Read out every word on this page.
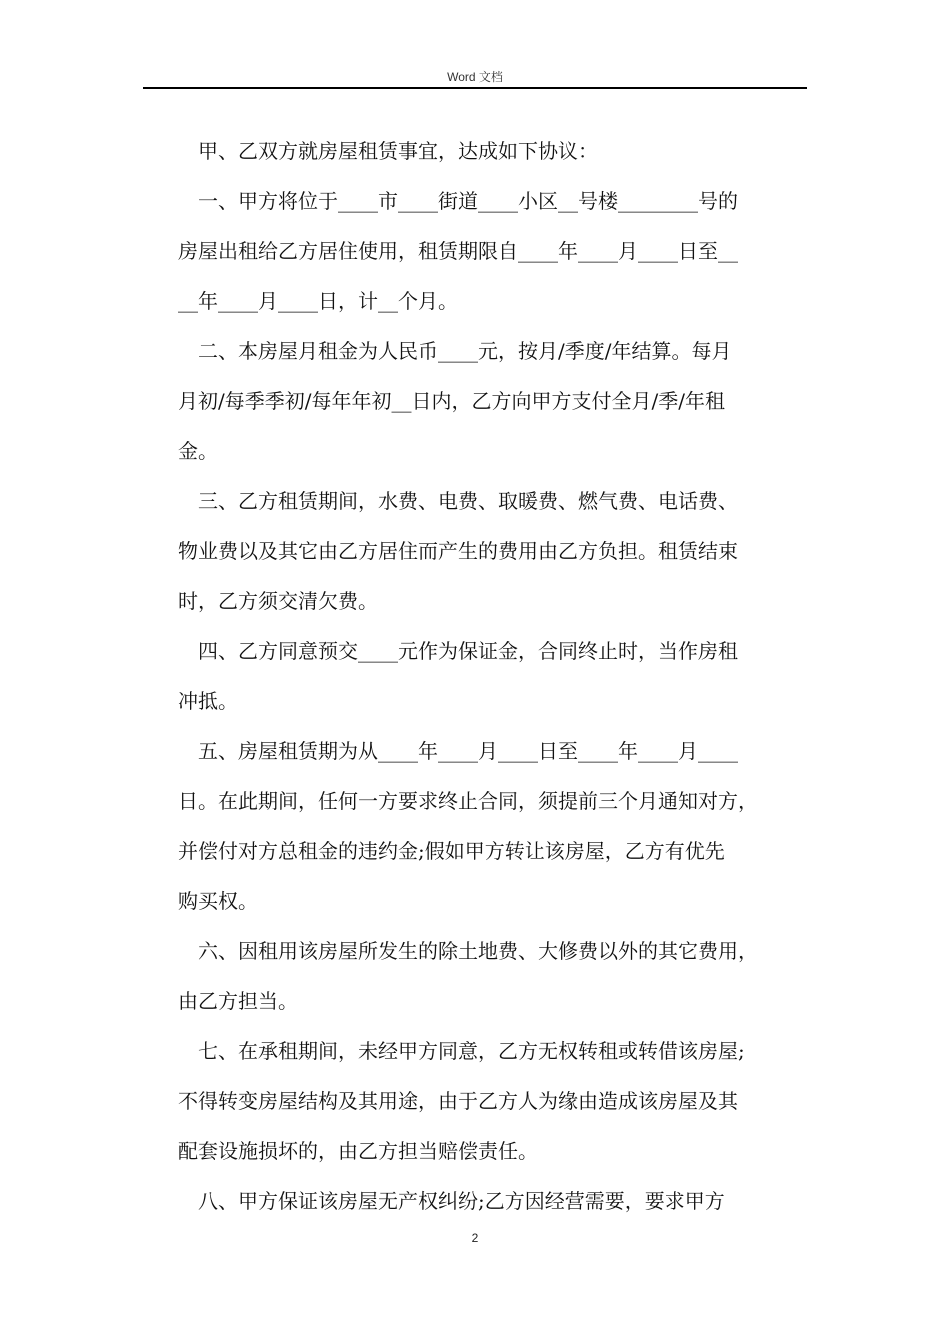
Word 文档
甲、乙双方就房屋租赁事宜，达成如下协议：
一、甲方将位于____市____街道____小区__号楼________号的
房屋出租给乙方居住使用，租赁期限自____年____月____日至__
__年____月____日，计__个月。
二、本房屋月租金为人民币____元，按月/季度/年结算。每月
月初/每季季初/每年年初__日内，乙方向甲方支付全月/季/年租
金。
三、乙方租赁期间，水费、电费、取暖费、燃气费、电话费、
物业费以及其它由乙方居住而产生的费用由乙方负担。租赁结束
时，乙方须交清欠费。
四、乙方同意预交____元作为保证金，合同终止时，当作房租
冲抵。
五、房屋租赁期为从____年____月____日至____年____月____
日。在此期间，任何一方要求终止合同，须提前三个月通知对方，
并偿付对方总租金的违约金;假如甲方转让该房屋，乙方有优先
购买权。
六、因租用该房屋所发生的除土地费、大修费以外的其它费用，
由乙方担当。
七、在承租期间，未经甲方同意，乙方无权转租或转借该房屋;
不得转变房屋结构及其用途，由于乙方人为缘由造成该房屋及其
配套设施损坏的，由乙方担当赔偿责任。
八、甲方保证该房屋无产权纠纷;乙方因经营需要，要求甲方
2
